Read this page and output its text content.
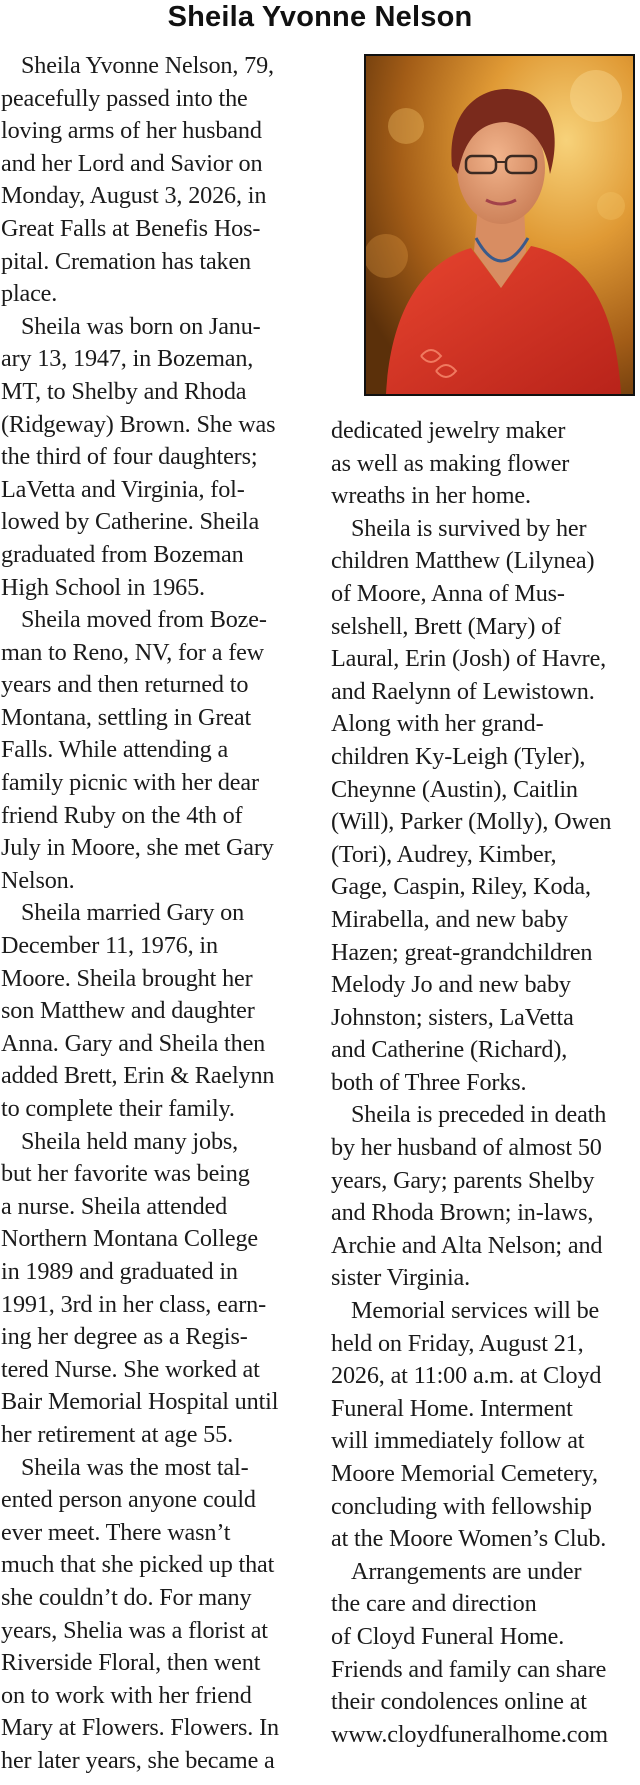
Sheila Yvonne Nelson
Sheila Yvonne Nelson, 79,
peacefully passed into the
loving arms of her husband
and her Lord and Savior on
Monday, August 3, 2026, in
Great Falls at Benefis Hos-
pital. Cremation has taken
place.
Sheila was born on Janu-
ary 13, 1947, in Bozeman,
MT, to Shelby and Rhoda
(Ridgeway) Brown. She was
the third of four daughters;
LaVetta and Virginia, fol-
lowed by Catherine. Sheila
graduated from Bozeman
High School in 1965.
Sheila moved from Boze-
man to Reno, NV, for a few
years and then returned to
Montana, settling in Great
Falls. While attending a
family picnic with her dear
friend Ruby on the 4th of
July in Moore, she met Gary
Nelson.
Sheila married Gary on
December 11, 1976, in
Moore. Sheila brought her
son Matthew and daughter
Anna. Gary and Sheila then
added Brett, Erin & Raelynn
to complete their family.
Sheila held many jobs,
but her favorite was being
a nurse. Sheila attended
Northern Montana College
in 1989 and graduated in
1991, 3rd in her class, earn-
ing her degree as a Regis-
tered Nurse. She worked at
Bair Memorial Hospital until
her retirement at age 55.
Sheila was the most tal-
ented person anyone could
ever meet. There wasn’t
much that she picked up that
she couldn’t do. For many
years, Shelia was a florist at
Riverside Floral, then went
on to work with her friend
Mary at Flowers. Flowers. In
her later years, she became a
dedicated jewelry maker
as well as making flower
wreaths in her home.
Sheila is survived by her
children Matthew (Lilynea)
of Moore, Anna of Mus-
selshell, Brett (Mary) of
Laural, Erin (Josh) of Havre,
and Raelynn of Lewistown.
Along with her grand-
children Ky-Leigh (Tyler),
Cheynne (Austin), Caitlin
(Will), Parker (Molly), Owen
(Tori), Audrey, Kimber,
Gage, Caspin, Riley, Koda,
Mirabella, and new baby
Hazen; great-grandchildren
Melody Jo and new baby
Johnston; sisters, LaVetta
and Catherine (Richard),
both of Three Forks.
Sheila is preceded in death
by her husband of almost 50
years, Gary; parents Shelby
and Rhoda Brown; in-laws,
Archie and Alta Nelson; and
sister Virginia.
Memorial services will be
held on Friday, August 21,
2026, at 11:00 a.m. at Cloyd
Funeral Home. Interment
will immediately follow at
Moore Memorial Cemetery,
concluding with fellowship
at the Moore Women’s Club.
Arrangements are under
the care and direction
of Cloyd Funeral Home.
Friends and family can share
their condolences online at
www.cloydfuneralhome.com
